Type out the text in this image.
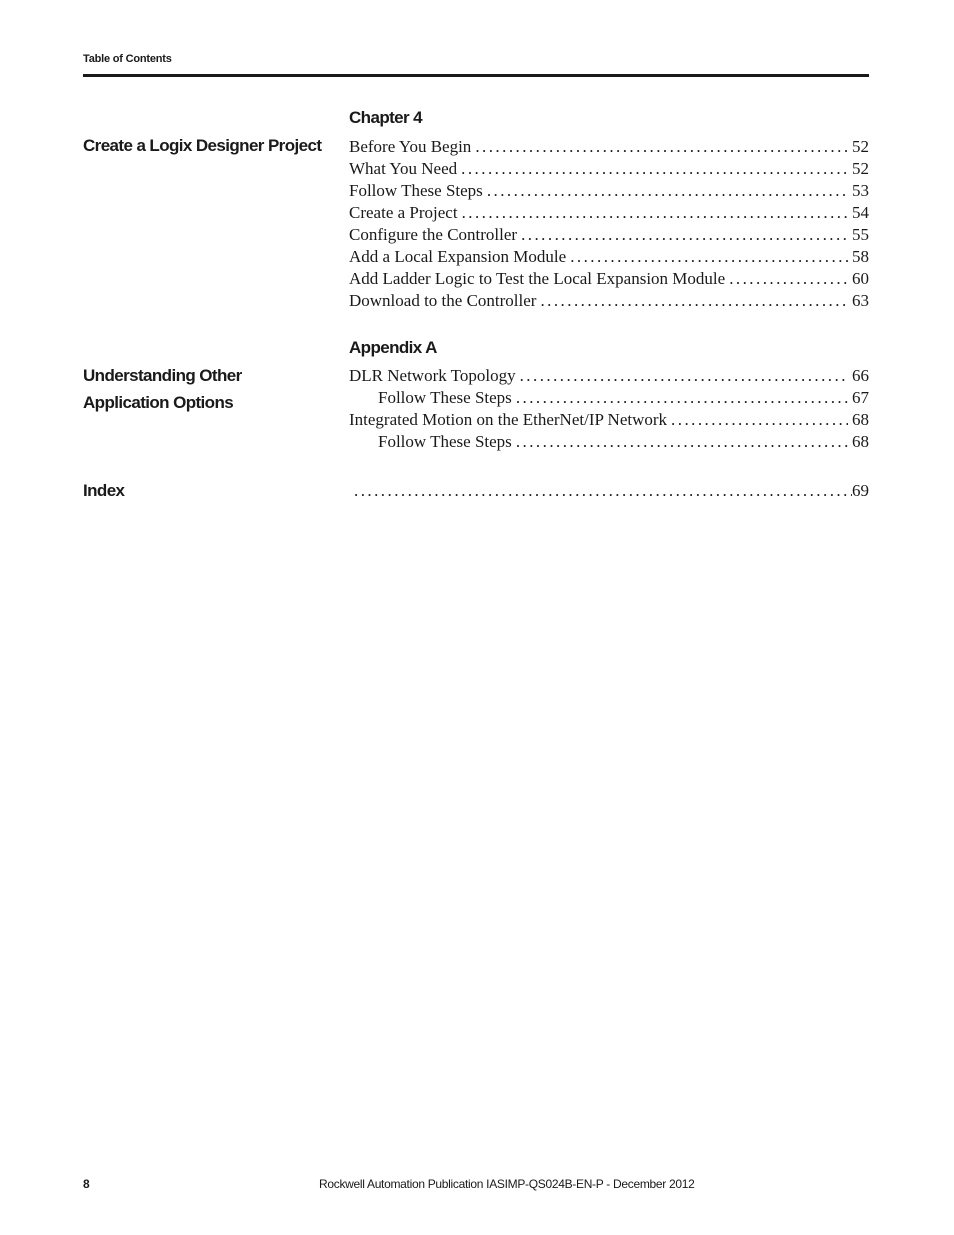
Table of Contents
Chapter 4
Create a Logix Designer Project Before You Begin . . .	52
What You Need . . .	52
Follow These Steps . . .	53
Create a Project . . .	54
Configure the Controller . . .	55
Add a Local Expansion Module . . .	58
Add Ladder Logic to Test the Local Expansion Module . . .	60
Download to the Controller . . .	63
Appendix A
Understanding Other Application Options
DLR Network Topology . . .	66
Follow These Steps . . .	67
Integrated Motion on the EtherNet/IP Network . . .	68
Follow These Steps . . .	68
Index . . .	69
8	Rockwell Automation Publication IASIMP-QS024B-EN-P - December 2012
